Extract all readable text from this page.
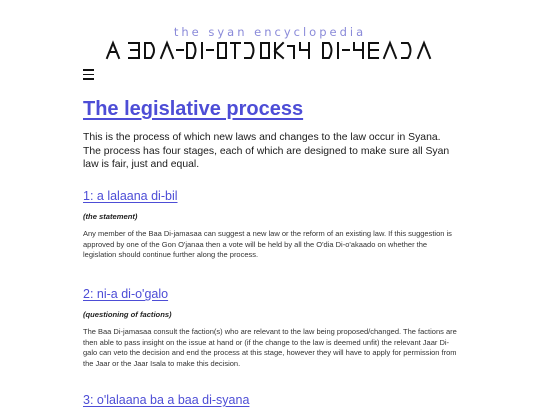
the syan encyclopedia
The legislative process

This is the process of which new laws and changes to the law occur in Syana. The process has four stages, each of which are designed to make sure all Syan law is fair, just and equal.

1: a lalaana di-bil

(the statement)

Any member of the Baa Di-jamasaa can suggest a new law or the reform of an existing law. If this suggestion is approved by one of the Gon O'janaa then a vote will be held by all the O'dia Di-o'akaado on whether the legislation should continue further along the process.

2: ni-a di-o'galo

(questioning of factions)

The Baa Di-jamasaa consult the faction(s) who are relevant to the law being proposed/changed. The factions are then able to pass insight on the issue at hand or (if the change to the law is deemed unfit) the relevant Jaar Di-galo can veto the decision and end the process at this stage, however they will have to apply for permission from the Jaar or the Jaar Isala to make this decision.

3: o'lalaana ba a baa di-syana
